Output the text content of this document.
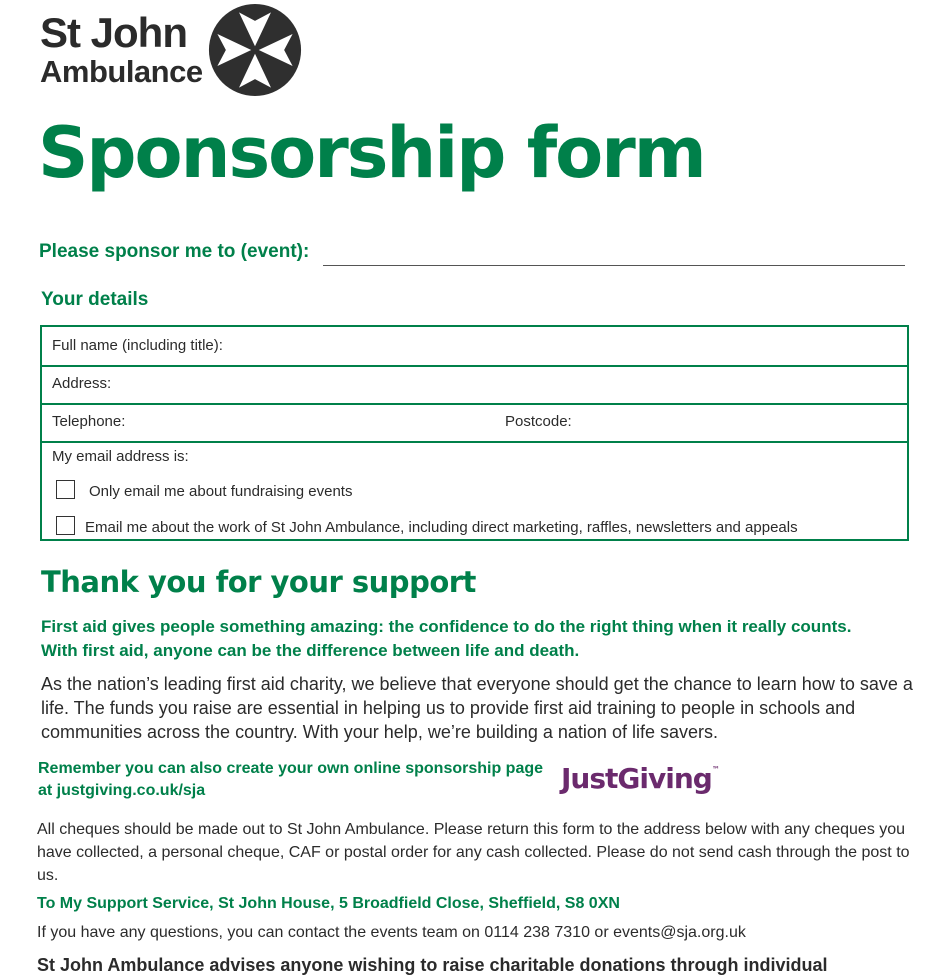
St John
Ambulance
Sponsorship form
Please sponsor me to (event):
Your details
Full name (including title):
Address:
Telephone:	Postcode:
My email address is:
Only email me about fundraising events
Email me about the work of St John Ambulance, including direct marketing, raffles, newsletters and appeals
Thank you for your support
First aid gives people something amazing: the confidence to do the right thing when it really counts.
With first aid, anyone can be the difference between life and death.
As the nation’s leading first aid charity, we believe that everyone should get the chance to learn how to save a life. The funds you raise are essential in helping us to provide first aid training to people in schools and communities across the country. With your help, we’re building a nation of life savers.
Remember you can also create your own online sponsorship page
at justgiving.co.uk/sja	JustGiving™
All cheques should be made out to St John Ambulance. Please return this form to the address below with any cheques you have collected, a personal cheque, CAF or postal order for any cash collected. Please do not send cash through the post to us.
To My Support Service, St John House, 5 Broadfield Close, Sheffield, S8 0XN
If you have any questions, you can contact the events team on 0114 238 7310 or events@sja.org.uk
St John Ambulance advises anyone wishing to raise charitable donations through individual
